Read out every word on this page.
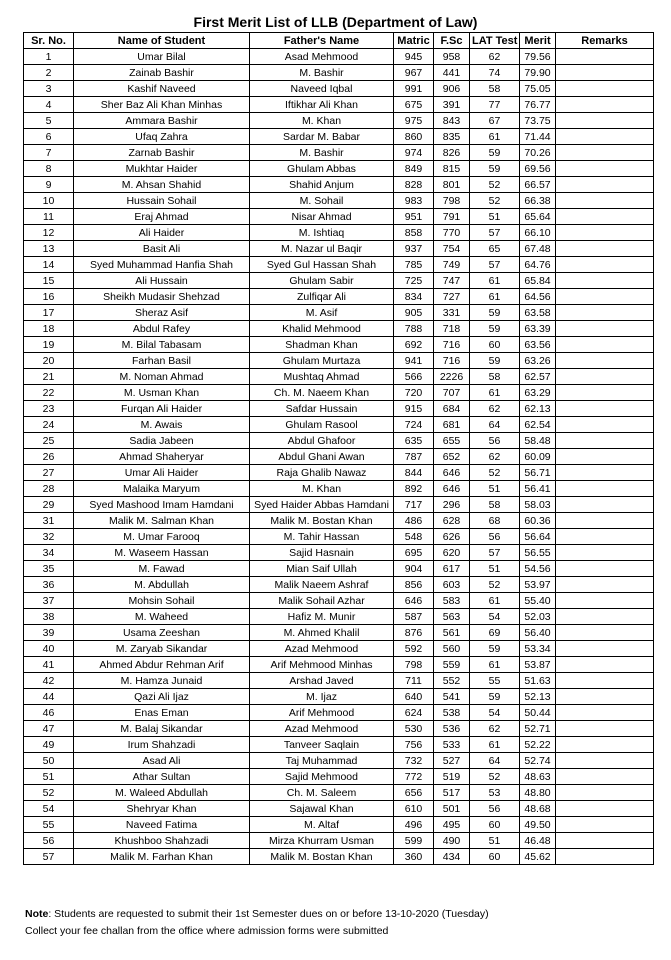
First Merit List of LLB (Department of Law)
Sr. No.	Name of Student	Father's Name	Matric	F.Sc	LAT Test	Merit	Remarks
1	Umar Bilal	Asad Mehmood	945	958	62	79.56	
2	Zainab Bashir	M. Bashir	967	441	74	79.90	
3	Kashif Naveed	Naveed Iqbal	991	906	58	75.05	
4	Sher Baz Ali Khan Minhas	Iftikhar Ali Khan	675	391	77	76.77	
5	Ammara Bashir	M. Khan	975	843	67	73.75	
6	Ufaq Zahra	Sardar M. Babar	860	835	61	71.44	
7	Zarnab Bashir	M. Bashir	974	826	59	70.26	
8	Mukhtar Haider	Ghulam Abbas	849	815	59	69.56	
9	M. Ahsan Shahid	Shahid Anjum	828	801	52	66.57	
10	Hussain Sohail	M. Sohail	983	798	52	66.38	
11	Eraj Ahmad	Nisar Ahmad	951	791	51	65.64	
12	Ali Haider	M. Ishtiaq	858	770	57	66.10	
13	Basit Ali	M. Nazar ul Baqir	937	754	65	67.48	
14	Syed Muhammad Hanfia Shah	Syed Gul Hassan Shah	785	749	57	64.76	
15	Ali Hussain	Ghulam Sabir	725	747	61	65.84	
16	Sheikh Mudasir Shehzad	Zulfiqar Ali	834	727	61	64.56	
17	Sheraz Asif	M. Asif	905	331	59	63.58	
18	Abdul Rafey	Khalid Mehmood	788	718	59	63.39	
19	M. Bilal Tabasam	Shadman Khan	692	716	60	63.56	
20	Farhan Basil	Ghulam Murtaza	941	716	59	63.26	
21	M. Noman Ahmad	Mushtaq Ahmad	566	2226	58	62.57	
22	M. Usman Khan	Ch. M. Naeem Khan	720	707	61	63.29	
23	Furqan Ali Haider	Safdar Hussain	915	684	62	62.13	
24	M. Awais	Ghulam Rasool	724	681	64	62.54	
25	Sadia Jabeen	Abdul Ghafoor	635	655	56	58.48	
26	Ahmad Shaheryar	Abdul Ghani Awan	787	652	62	60.09	
27	Umar Ali Haider	Raja Ghalib Nawaz	844	646	52	56.71	
28	Malaika Maryum	M. Khan	892	646	51	56.41	
29	Syed Mashood Imam Hamdani	Syed Haider Abbas Hamdani	717	296	58	58.03	
31	Malik M. Salman Khan	Malik M. Bostan Khan	486	628	68	60.36	
32	M. Umar Farooq	M. Tahir Hassan	548	626	56	56.64	
34	M. Waseem Hassan	Sajid Hasnain	695	620	57	56.55	
35	M. Fawad	Mian Saif Ullah	904	617	51	54.56	
36	M. Abdullah	Malik Naeem Ashraf	856	603	52	53.97	
37	Mohsin Sohail	Malik Sohail Azhar	646	583	61	55.40	
38	M. Waheed	Hafiz M. Munir	587	563	54	52.03	
39	Usama Zeeshan	M. Ahmed Khalil	876	561	69	56.40	
40	M. Zaryab Sikandar	Azad Mehmood	592	560	59	53.34	
41	Ahmed Abdur Rehman Arif	Arif Mehmood Minhas	798	559	61	53.87	
42	M. Hamza Junaid	Arshad Javed	711	552	55	51.63	
44	Qazi Ali Ijaz	M. Ijaz	640	541	59	52.13	
46	Enas Eman	Arif Mehmood	624	538	54	50.44	
47	M. Balaj Sikandar	Azad Mehmood	530	536	62	52.71	
49	Irum Shahzadi	Tanveer Saqlain	756	533	61	52.22	
50	Asad Ali	Taj Muhammad	732	527	64	52.74	
51	Athar Sultan	Sajid Mehmood	772	519	52	48.63	
52	M. Waleed Abdullah	Ch. M. Saleem	656	517	53	48.80	
54	Shehryar Khan	Sajawal Khan	610	501	56	48.68	
55	Naveed Fatima	M. Altaf	496	495	60	49.50	
56	Khushboo Shahzadi	Mirza Khurram Usman	599	490	51	46.48	
57	Malik M. Farhan Khan	Malik M. Bostan Khan	360	434	60	45.62	
Note: Students are requested to submit their 1st Semester dues on or before 13-10-2020 (Tuesday)
Collect your fee challan from the office where admission forms were submitted
